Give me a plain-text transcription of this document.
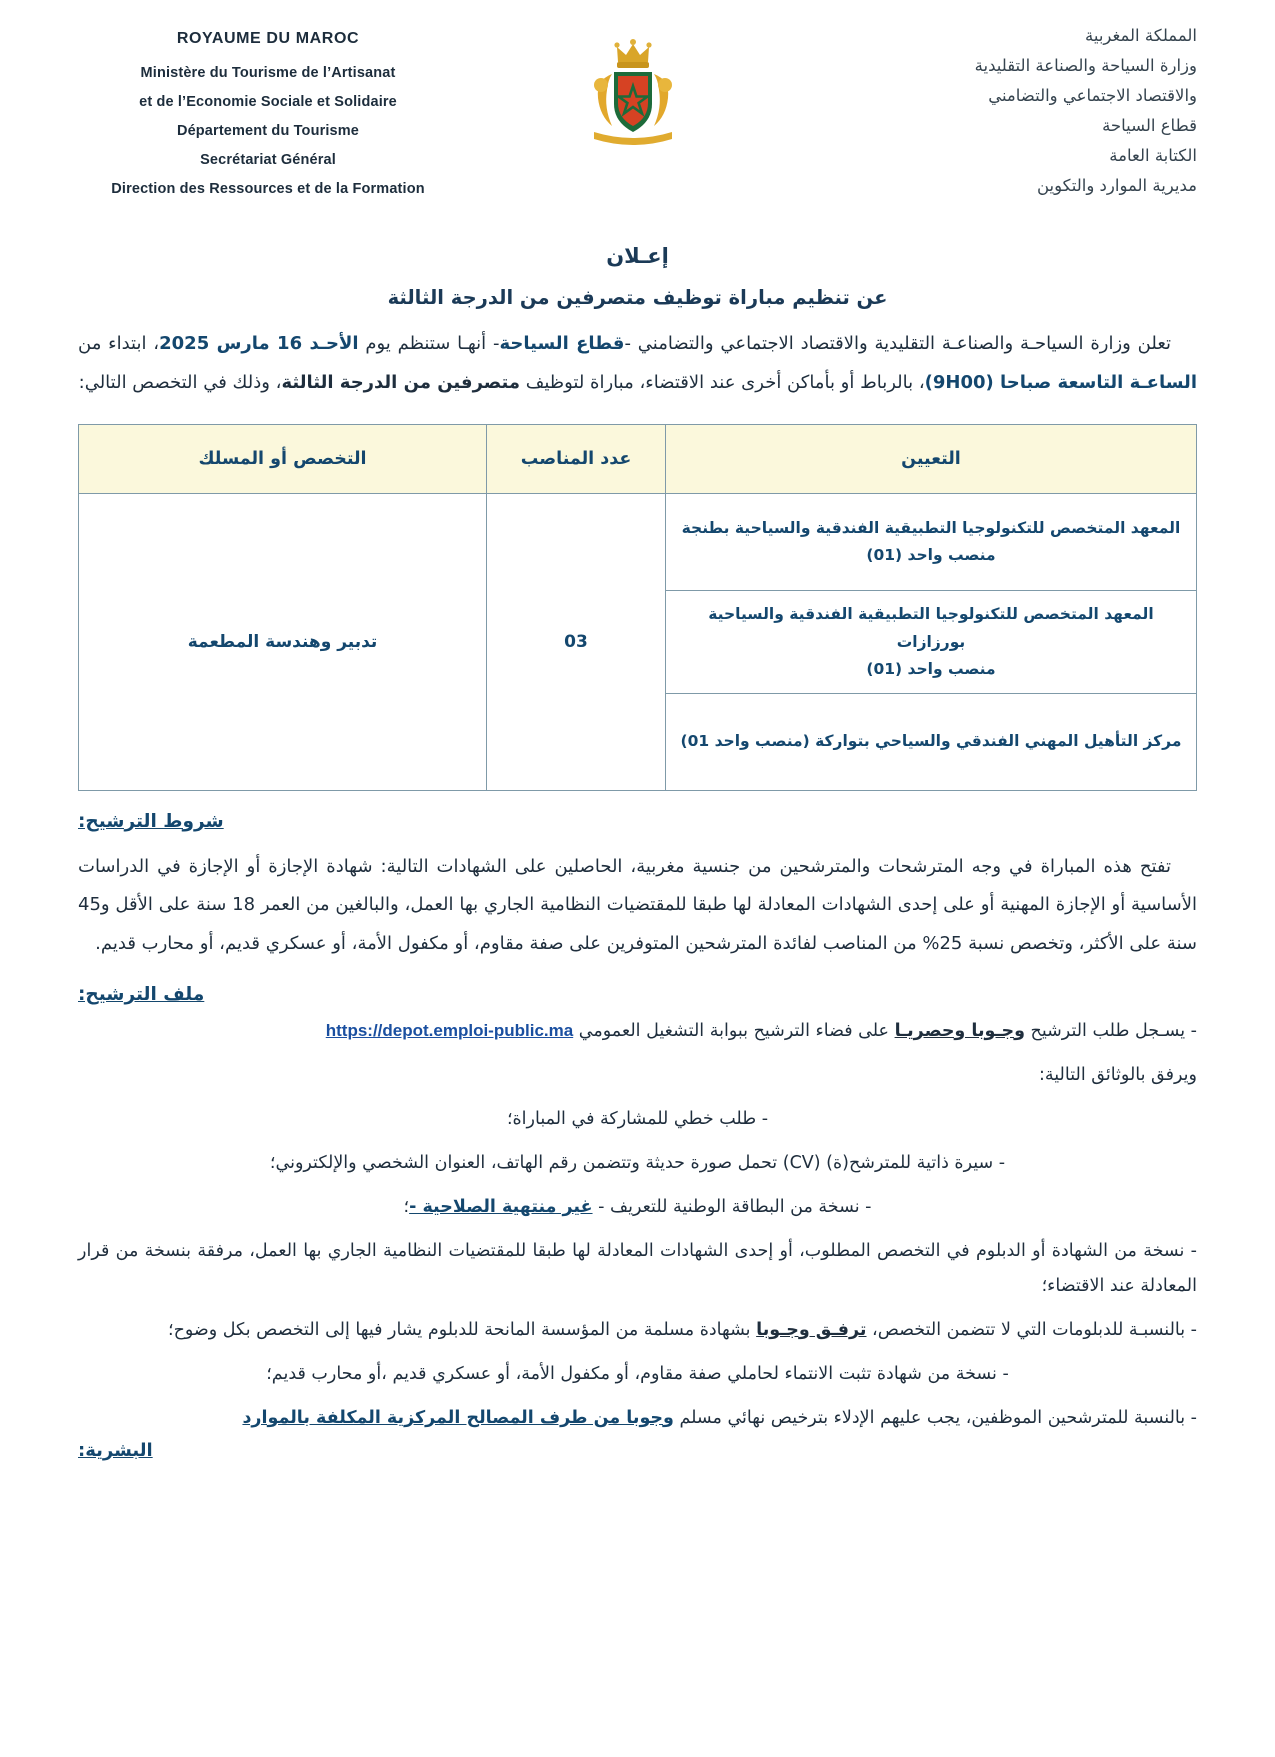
ROYAUME DU MAROC
Ministère du Tourisme de l’Artisanat
et de l’Economie Sociale et Solidaire
Département du Tourisme
Secrétariat Général
Direction des Ressources et de la Formation
المملكة المغربية
وزارة السياحة والصناعة التقليدية
والاقتصاد الاجتماعي والتضامني
قطاع السياحة
الكتابة العامة
مديرية الموارد والتكوين
إعـلان
عن تنظيم مباراة توظيف متصرفين من الدرجة الثالثة
تعلن وزارة السياحـة والصناعـة التقليدية والاقتصاد الاجتماعي والتضامني -قطاع السياحة- أنهـا ستنظم يوم الأحـد 16 مارس 2025، ابتداء من الساعـة التاسعة صباحا (9H00)، بالرباط أو بأماكن أخرى عند الاقتضاء، مباراة لتوظيف متصرفين من الدرجة الثالثة، وذلك في التخصص التالي:
التعيين	عدد المناصب	التخصص أو المسلك

المعهد المتخصص للتكنولوجيا التطبيقية الفندقية والسياحية بطنجة
منصب واحد (01)	03	تدبير وهندسة المطعمة

المعهد المتخصص للتكنولوجيا التطبيقية الفندقية والسياحية بورزازات
منصب واحد (01)		

مركز التأهيل المهني الفندقي والسياحي بتواركة (منصب واحد 01)		
شروط الترشيح:
تفتح هذه المباراة في وجه المترشحات والمترشحين من جنسية مغربية، الحاصلين على الشهادات التالية: شهادة الإجازة أو الإجازة في الدراسات الأساسية أو الإجازة المهنية أو على إحدى الشهادات المعادلة لها طبقا للمقتضيات النظامية الجاري بها العمل، والبالغين من العمر 18 سنة على الأقل و45 سنة على الأكثر، وتخصص نسبة 25% من المناصب لفائدة المترشحين المتوفرين على صفة مقاوم، أو مكفول الأمة، أو عسكري قديم، أو محارب قديم.
ملف الترشيح:
- يسـجل طلب الترشيح وجـوبا وحصريـا على فضاء الترشيح ببوابة التشغيل العمومي https://depot.emploi-public.ma
ويرفق بالوثائق التالية:
- طلب خطي للمشاركة في المباراة؛
- سيرة ذاتية للمترشح(ة) (CV) تحمل صورة حديثة وتتضمن رقم الهاتف، العنوان الشخصي والإلكتروني؛
- نسخة من البطاقة الوطنية للتعريف - غير منتهية الصلاحية -؛
- نسخة من الشهادة أو الدبلوم في التخصص المطلوب، أو إحدى الشهادات المعادلة لها طبقا للمقتضيات النظامية الجاري بها العمل، مرفقة بنسخة من قرار المعادلة عند الاقتضاء؛
- بالنسبـة للدبلومات التي لا تتضمن التخصص، ترفـق وجـوبا بشهادة مسلمة من المؤسسة المانحة للدبلوم يشار فيها إلى التخصص بكل وضوح؛
- نسخة من شهادة تثبت الانتماء لحاملي صفة مقاوم، أو مكفول الأمة، أو عسكري قديم ،أو محارب قديم؛
- بالنسبة للمترشحين الموظفين، يجب عليهم الإدلاء بترخيص نهائي مسلم وجوبا من طرف المصالح المركزية المكلفة بالموارد
البشرية:
